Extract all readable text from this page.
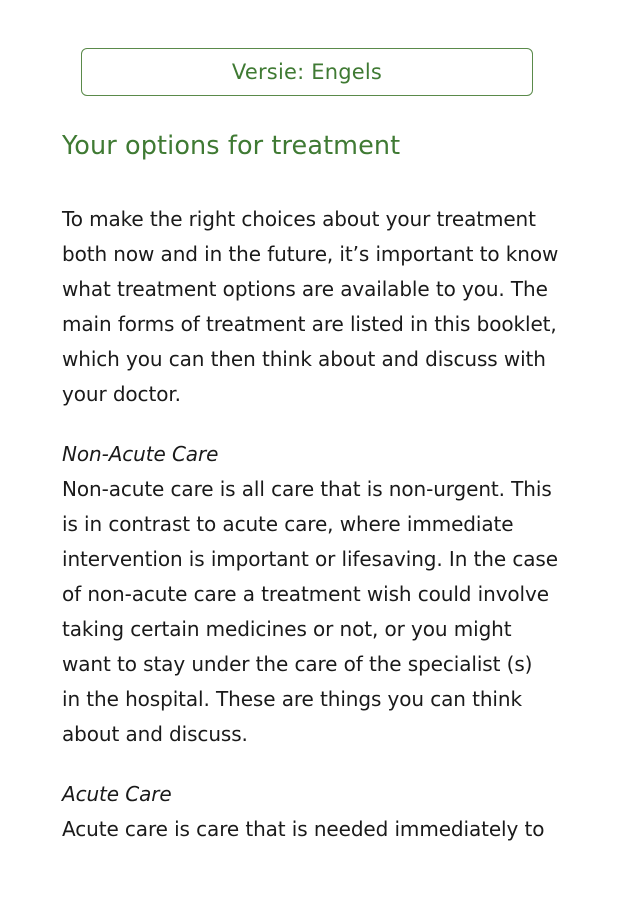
Versie: Engels
Your options for treatment

To make the right choices about your treatment

both now and in the future, it’s important to know

what treatment options are available to you. The

main forms of treatment are listed in this booklet,

which you can then think about and discuss with

your doctor.

Non-Acute Care

Non-acute care is all care that is non-urgent. This

is in contrast to acute care, where immediate

intervention is important or lifesaving. In the case

of non-acute care a treatment wish could involve

taking certain medicines or not, or you might

want to stay under the care of the specialist (s)

in the hospital. These are things you can think

about and discuss.

Acute Care

Acute care is care that is needed immediately to
